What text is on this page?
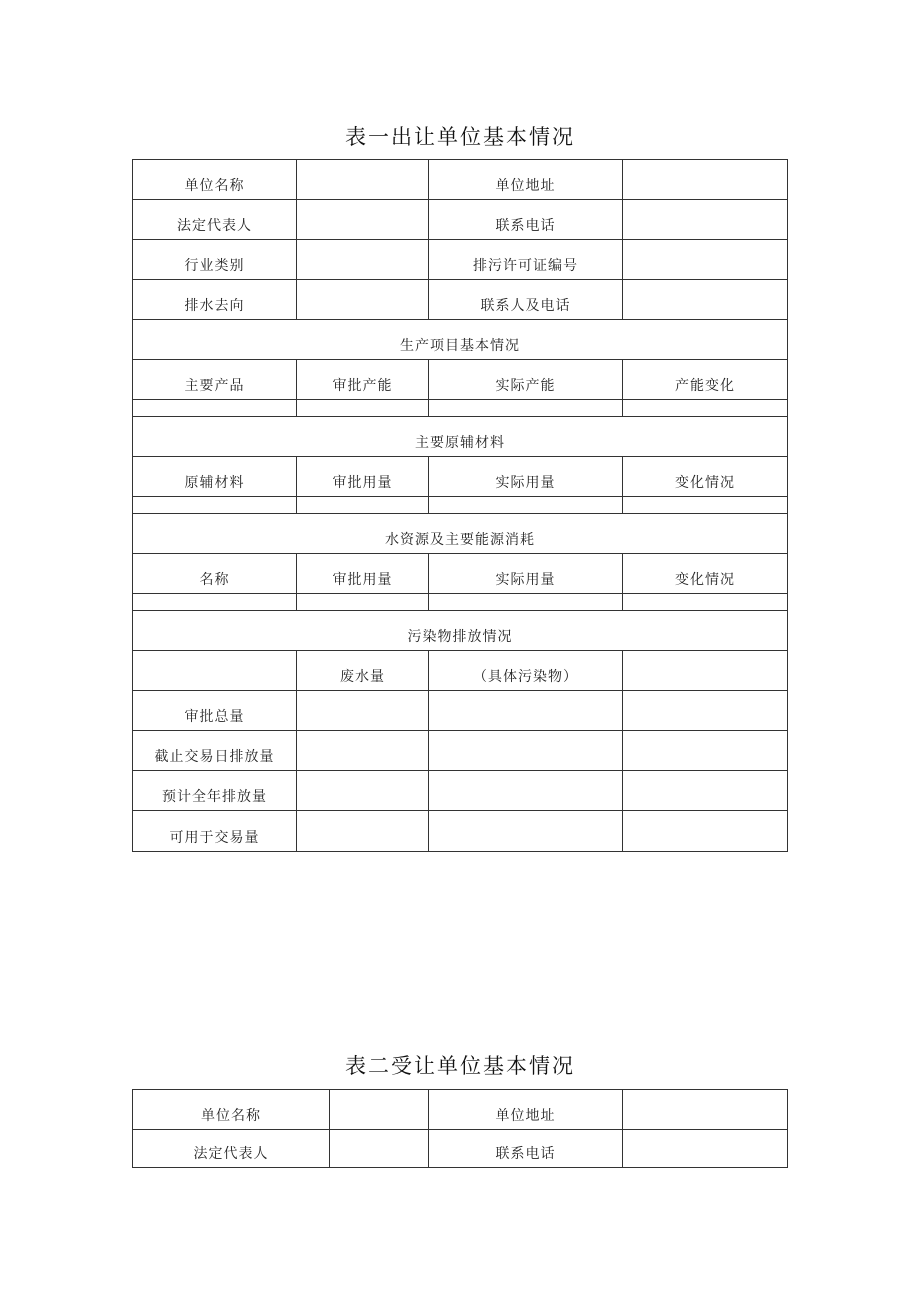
表一出让单位基本情况
单位名称		单位地址	
法定代表人		联系电话	
行业类别		排污许可证编号	
排水去向		联系人及电话	
生产项目基本情况			
主要产品	审批产能	实际产能	产能变化

主要原辅材料			
原辅材料	审批用量	实际用量	变化情况

水资源及主要能源消耗			
名称	审批用量	实际用量	变化情况

污染物排放情况			
	废水量	（具体污染物）	
审批总量			
截止交易日排放量			
预计全年排放量			
可用于交易量			
表二受让单位基本情况
单位名称		单位地址	
法定代表人		联系电话	
